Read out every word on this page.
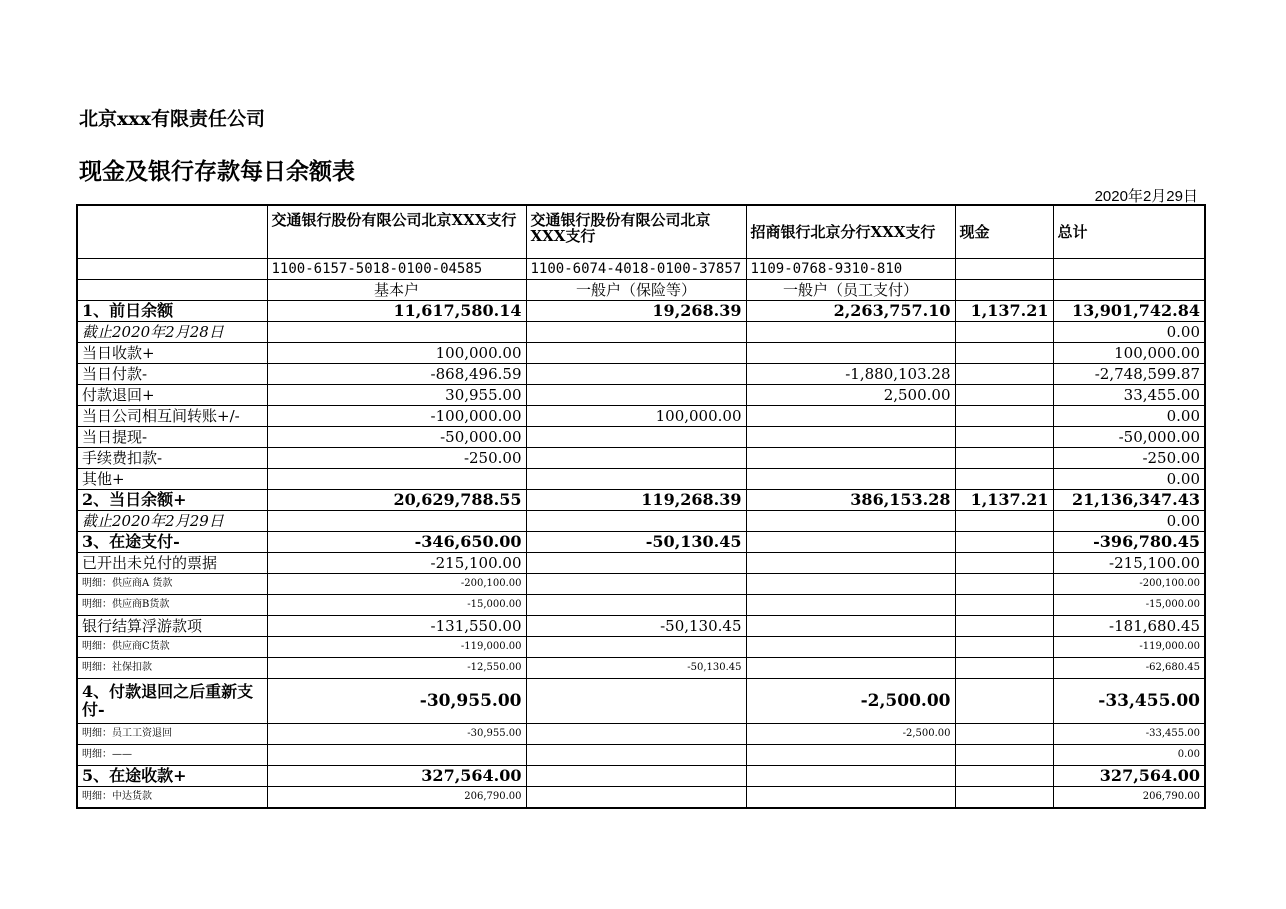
北京xxx有限责任公司
现金及银行存款每日余额表
2020年2月29日
	交通银行股份有限公司北京XXX支行	交通银行股份有限公司北京XXX支行	招商银行北京分行XXX支行	现金	总计
	1100-6157-5018-0100-04585	1100-6074-4018-0100-37857	1109-0768-9310-810		
	基本户	一般户（保险等）	一般户（员工支付）		
1、前日余额	11,617,580.14	19,268.39	2,263,757.10	1,137.21	13,901,742.84
截止2020年2月28日					0.00
当日收款+	100,000.00				100,000.00
当日付款-	-868,496.59		-1,880,103.28		-2,748,599.87
付款退回+	30,955.00		2,500.00		33,455.00
当日公司相互间转账+/-	-100,000.00	100,000.00			0.00
当日提现-	-50,000.00				-50,000.00
手续费扣款-	-250.00				-250.00
其他+					0.00
2、当日余额+	20,629,788.55	119,268.39	386,153.28	1,137.21	21,136,347.43
截止2020年2月29日					0.00
3、在途支付-	-346,650.00	-50,130.45			-396,780.45
已开出未兑付的票据	-215,100.00				-215,100.00
明细：供应商A 货款	-200,100.00				-200,100.00
明细：供应商B货款	-15,000.00				-15,000.00
银行结算浮游款项	-131,550.00	-50,130.45			-181,680.45
明细：供应商C货款	-119,000.00				-119,000.00
明细：社保扣款	-12,550.00	-50,130.45			-62,680.45
4、付款退回之后重新支付-	-30,955.00		-2,500.00		-33,455.00
明细：员工工资退回	-30,955.00		-2,500.00		-33,455.00
明细：——					0.00
5、在途收款+	327,564.00				327,564.00
明细：中达货款	206,790.00				206,790.00
